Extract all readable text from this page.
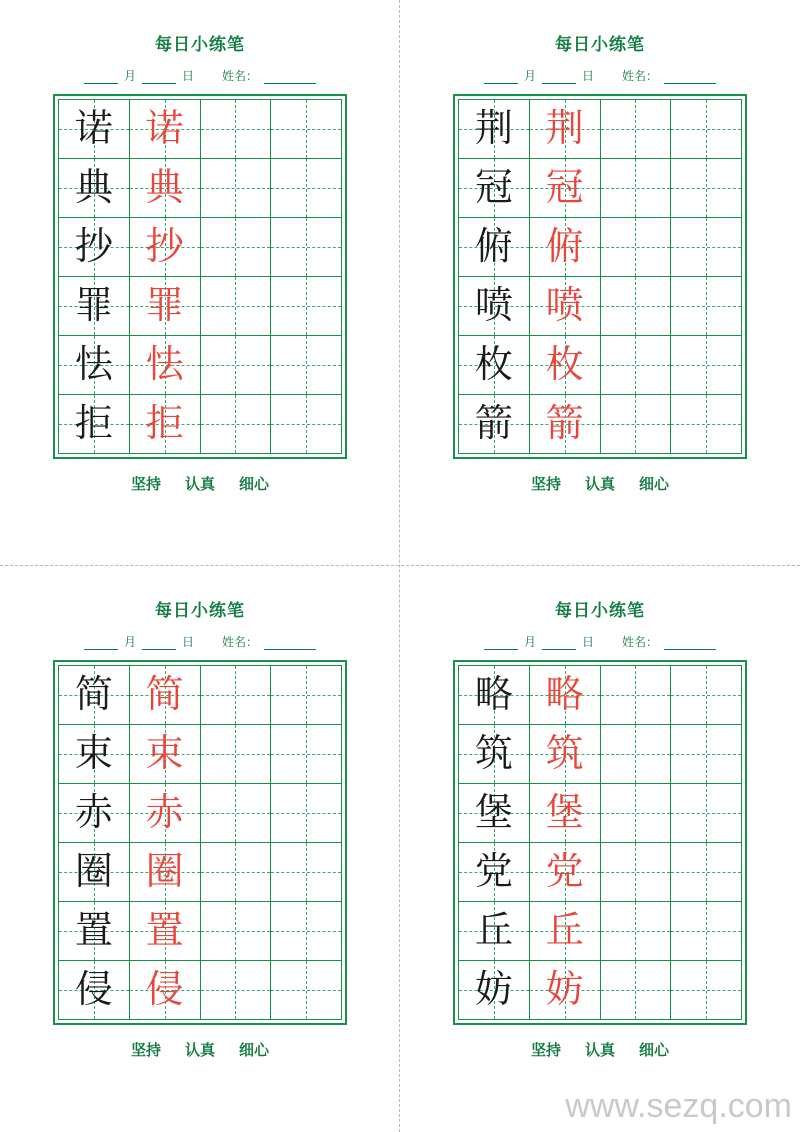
每日小练笔
月	日 姓名：
诺 诺
典 典
抄 抄
罪 罪
怯 怯
拒 拒
坚持 认真 细心
每日小练笔
月	日 姓名：
荆 荆
冠 冠
俯 俯
喷 喷
枚 枚
箭 箭
坚持 认真 细心
每日小练笔
月	日 姓名：
简 简
束 束
赤 赤
圈 圈
置 置
侵 侵
坚持 认真 细心
每日小练笔
月	日 姓名：
略 略
筑 筑
堡 堡
党 党
丘 丘
妨 妨
坚持 认真 细心
www.sezq.com
